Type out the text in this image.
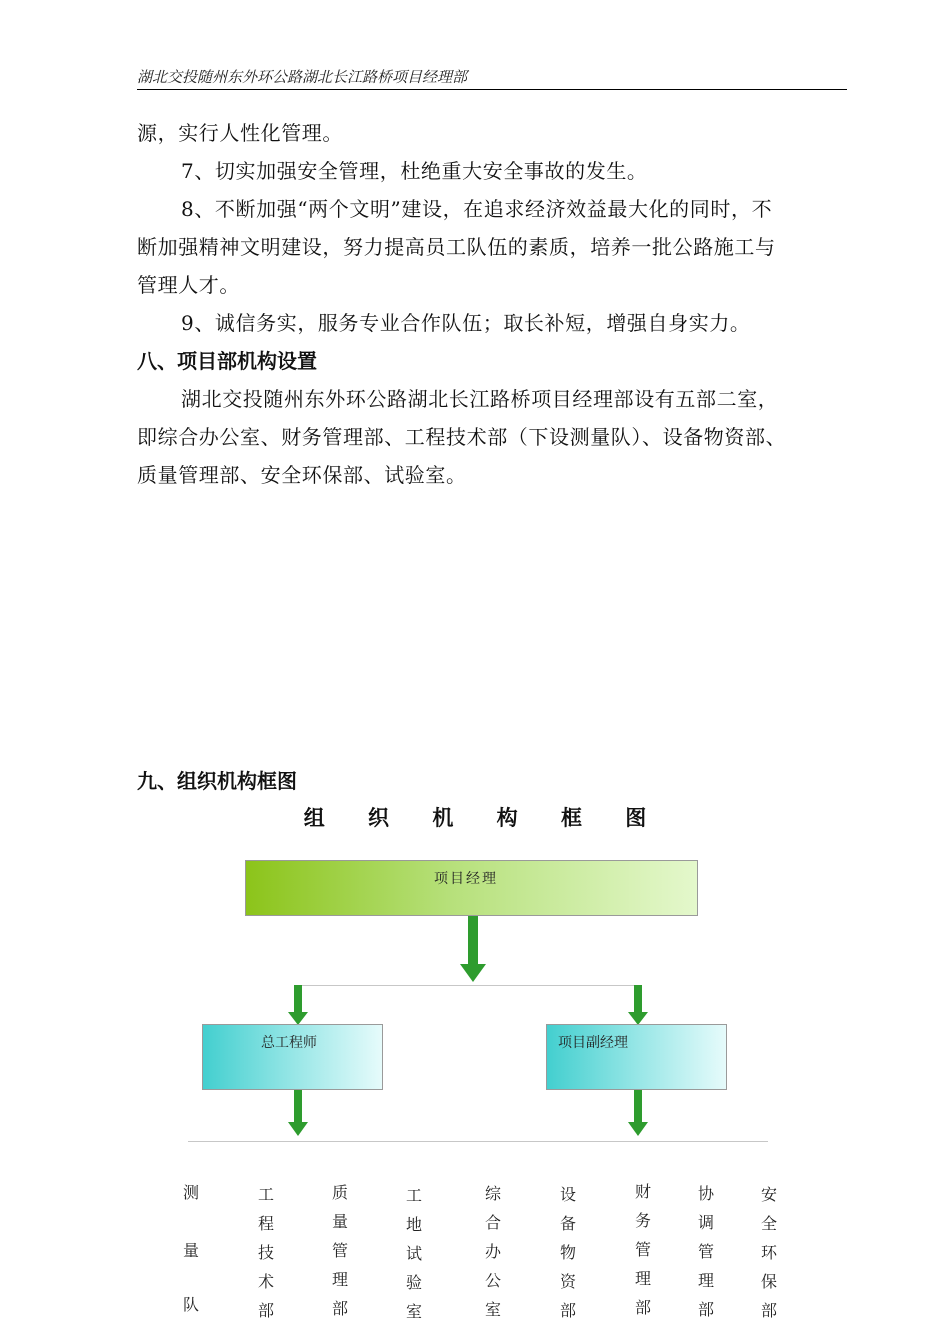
湖北交投随州东外环公路湖北长江路桥项目经理部
源，实行人性化管理。
7、切实加强安全管理，杜绝重大安全事故的发生。
8、不断加强“两个文明”建设，在追求经济效益最大化的同时，不
断加强精神文明建设，努力提高员工队伍的素质，培养一批公路施工与
管理人才。
9、诚信务实，服务专业合作队伍；取长补短，增强自身实力。
八、项目部机构设置
湖北交投随州东外环公路湖北长江路桥项目经理部设有五部二室，
即综合办公室、财务管理部、工程技术部（下设测量队）、设备物资部、
质量管理部、安全环保部、试验室。
九、组织机构框图
组 织 机 构 框 图
项目经理
总工程师	项目副经理
测
量
队
工
程
技
术
部
质
量
管
理
部
工
地
试
验
室
综
合
办
公
室
设
备
物
资
部
财
务
管
理
部
协
调
管
理
部
安
全
环
保
部
